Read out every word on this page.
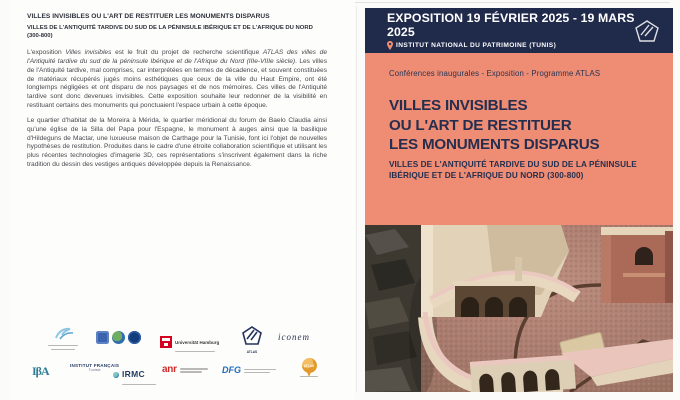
VILLES INVISIBLES OU L'ART DE RESTITUER LES MONUMENTS DISPARUS
VILLES DE L'ANTIQUITÉ TARDIVE DU SUD DE LA PÉNINSULE IBÉRIQUE ET DE L'AFRIQUE DU NORD (300-800)

L'exposition Villes invisibles est le fruit du projet de recherche scientifique ATLAS des villes de l'Antiquité tardive du sud de la péninsule Ibérique et de l'Afrique du Nord (IIIe-VIIIe siècle). Les villes de l'Antiquité tardive, mal comprises, car interprétées en termes de décadence, et souvent constituées de matériaux récupérés jugés moins esthétiques que ceux de la ville du Haut Empire, ont été longtemps négligées et ont disparu de nos paysages et de nos mémoires. Ces villes de l'Antiquité tardive sont donc devenues invisibles. Cette exposition souhaite leur redonner de la visibilité en restituant certains des monuments qui ponctuaient l'espace urbain à cette époque.

Le quartier d'habitat de la Moreira à Mérida, le quartier méridional du forum de Baelo Claudia ainsi qu'une église de la Silla del Papa pour l'Espagne, le monument à auges ainsi que la basilique d'Hildeguns de Mactar, une luxueuse maison de Carthage pour la Tunisie, font ici l'objet de nouvelles hypothèses de restitution. Produites dans le cadre d'une étroite collaboration scientifique et utilisant les plus récentes technologies d'imagerie 3D, ces représentations s'inscrivent également dans la riche tradition du dessin des vestiges antiques développée depuis la Renaissance.

Universität Hamburg
ATLAS
iconem
IβA	INSTITUT FRANÇAIS
Tunisie	IRMC	anr	DFG	ATLAS
EXPOSITION 19 FÉVRIER 2025 - 19 MARS 2025
INSTITUT NATIONAL DU PATRIMOINE (TUNIS)
Conférences inaugurales - Exposition - Programme ATLAS
VILLES INVISIBLES
OU L'ART DE RESTITUER
LES MONUMENTS DISPARUS
VILLES DE L'ANTIQUITÉ TARDIVE DU SUD DE LA PÉNINSULE
IBÉRIQUE ET DE L'AFRIQUE DU NORD (300-800)
